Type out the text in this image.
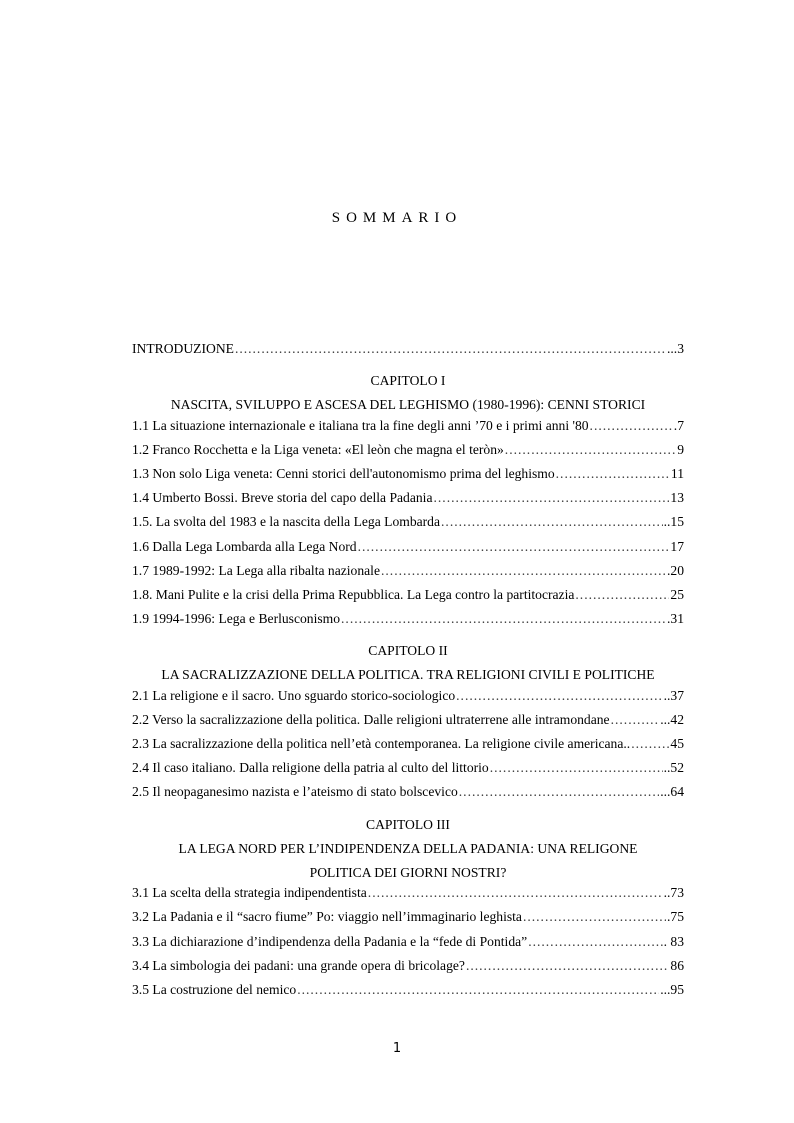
SOMMARIO
INTRODUZIONE .....	...3
CAPITOLO I
NASCITA, SVILUPPO E ASCESA DEL LEGHISMO (1980-1996): CENNI STORICI
1.1 La situazione internazionale e italiana tra la fine degli anni ’70 e i primi anni '80 .....	.7
1.2 Franco Rocchetta e la Liga veneta: «El leòn che magna el teròn» .....	9
1.3 Non solo Liga veneta: Cenni storici dell'autonomismo prima del leghismo .....	11
1.4 Umberto Bossi. Breve storia del capo della Padania .....	13
1.5. La svolta del 1983 e la nascita della Lega Lombarda .....	..15
1.6 Dalla Lega Lombarda alla Lega Nord .....	17
1.7 1989-1992: La Lega alla ribalta nazionale .....	.20
1.8. Mani Pulite e la crisi della Prima Repubblica. La Lega contro la partitocrazia .....	25
1.9 1994-1996: Lega e Berlusconismo .....	.31
CAPITOLO II
LA SACRALIZZAZIONE DELLA POLITICA. TRA RELIGIONI CIVILI E POLITICHE
2.1 La religione e il sacro. Uno sguardo storico-sociologico .....	..37
2.2 Verso la sacralizzazione della politica. Dalle religioni ultraterrene alle intramondane .....	...42
2.3 La sacralizzazione della politica nell’età contemporanea. La religione civile americana.. .....	45
2.4 Il caso italiano. Dalla religione della patria al culto del littorio .....	..52
2.5 Il neopaganesimo nazista e l’ateismo di stato bolscevico .....	...64
CAPITOLO III
LA LEGA NORD PER L’INDIPENDENZA DELLA PADANIA: UNA RELIGONE POLITICA DEI GIORNI NOSTRI?
3.1 La scelta della strategia indipendentista .....	..73
3.2 La Padania e il “sacro fiume” Po: viaggio nell’immaginario leghista .....	.75
3.3 La dichiarazione d’indipendenza della Padania e la “fede di Pontida” .....	. 83
3.4 La simbologia dei padani: una grande opera di bricolage? .....	86
3.5 La costruzione del nemico .....	...95
1
